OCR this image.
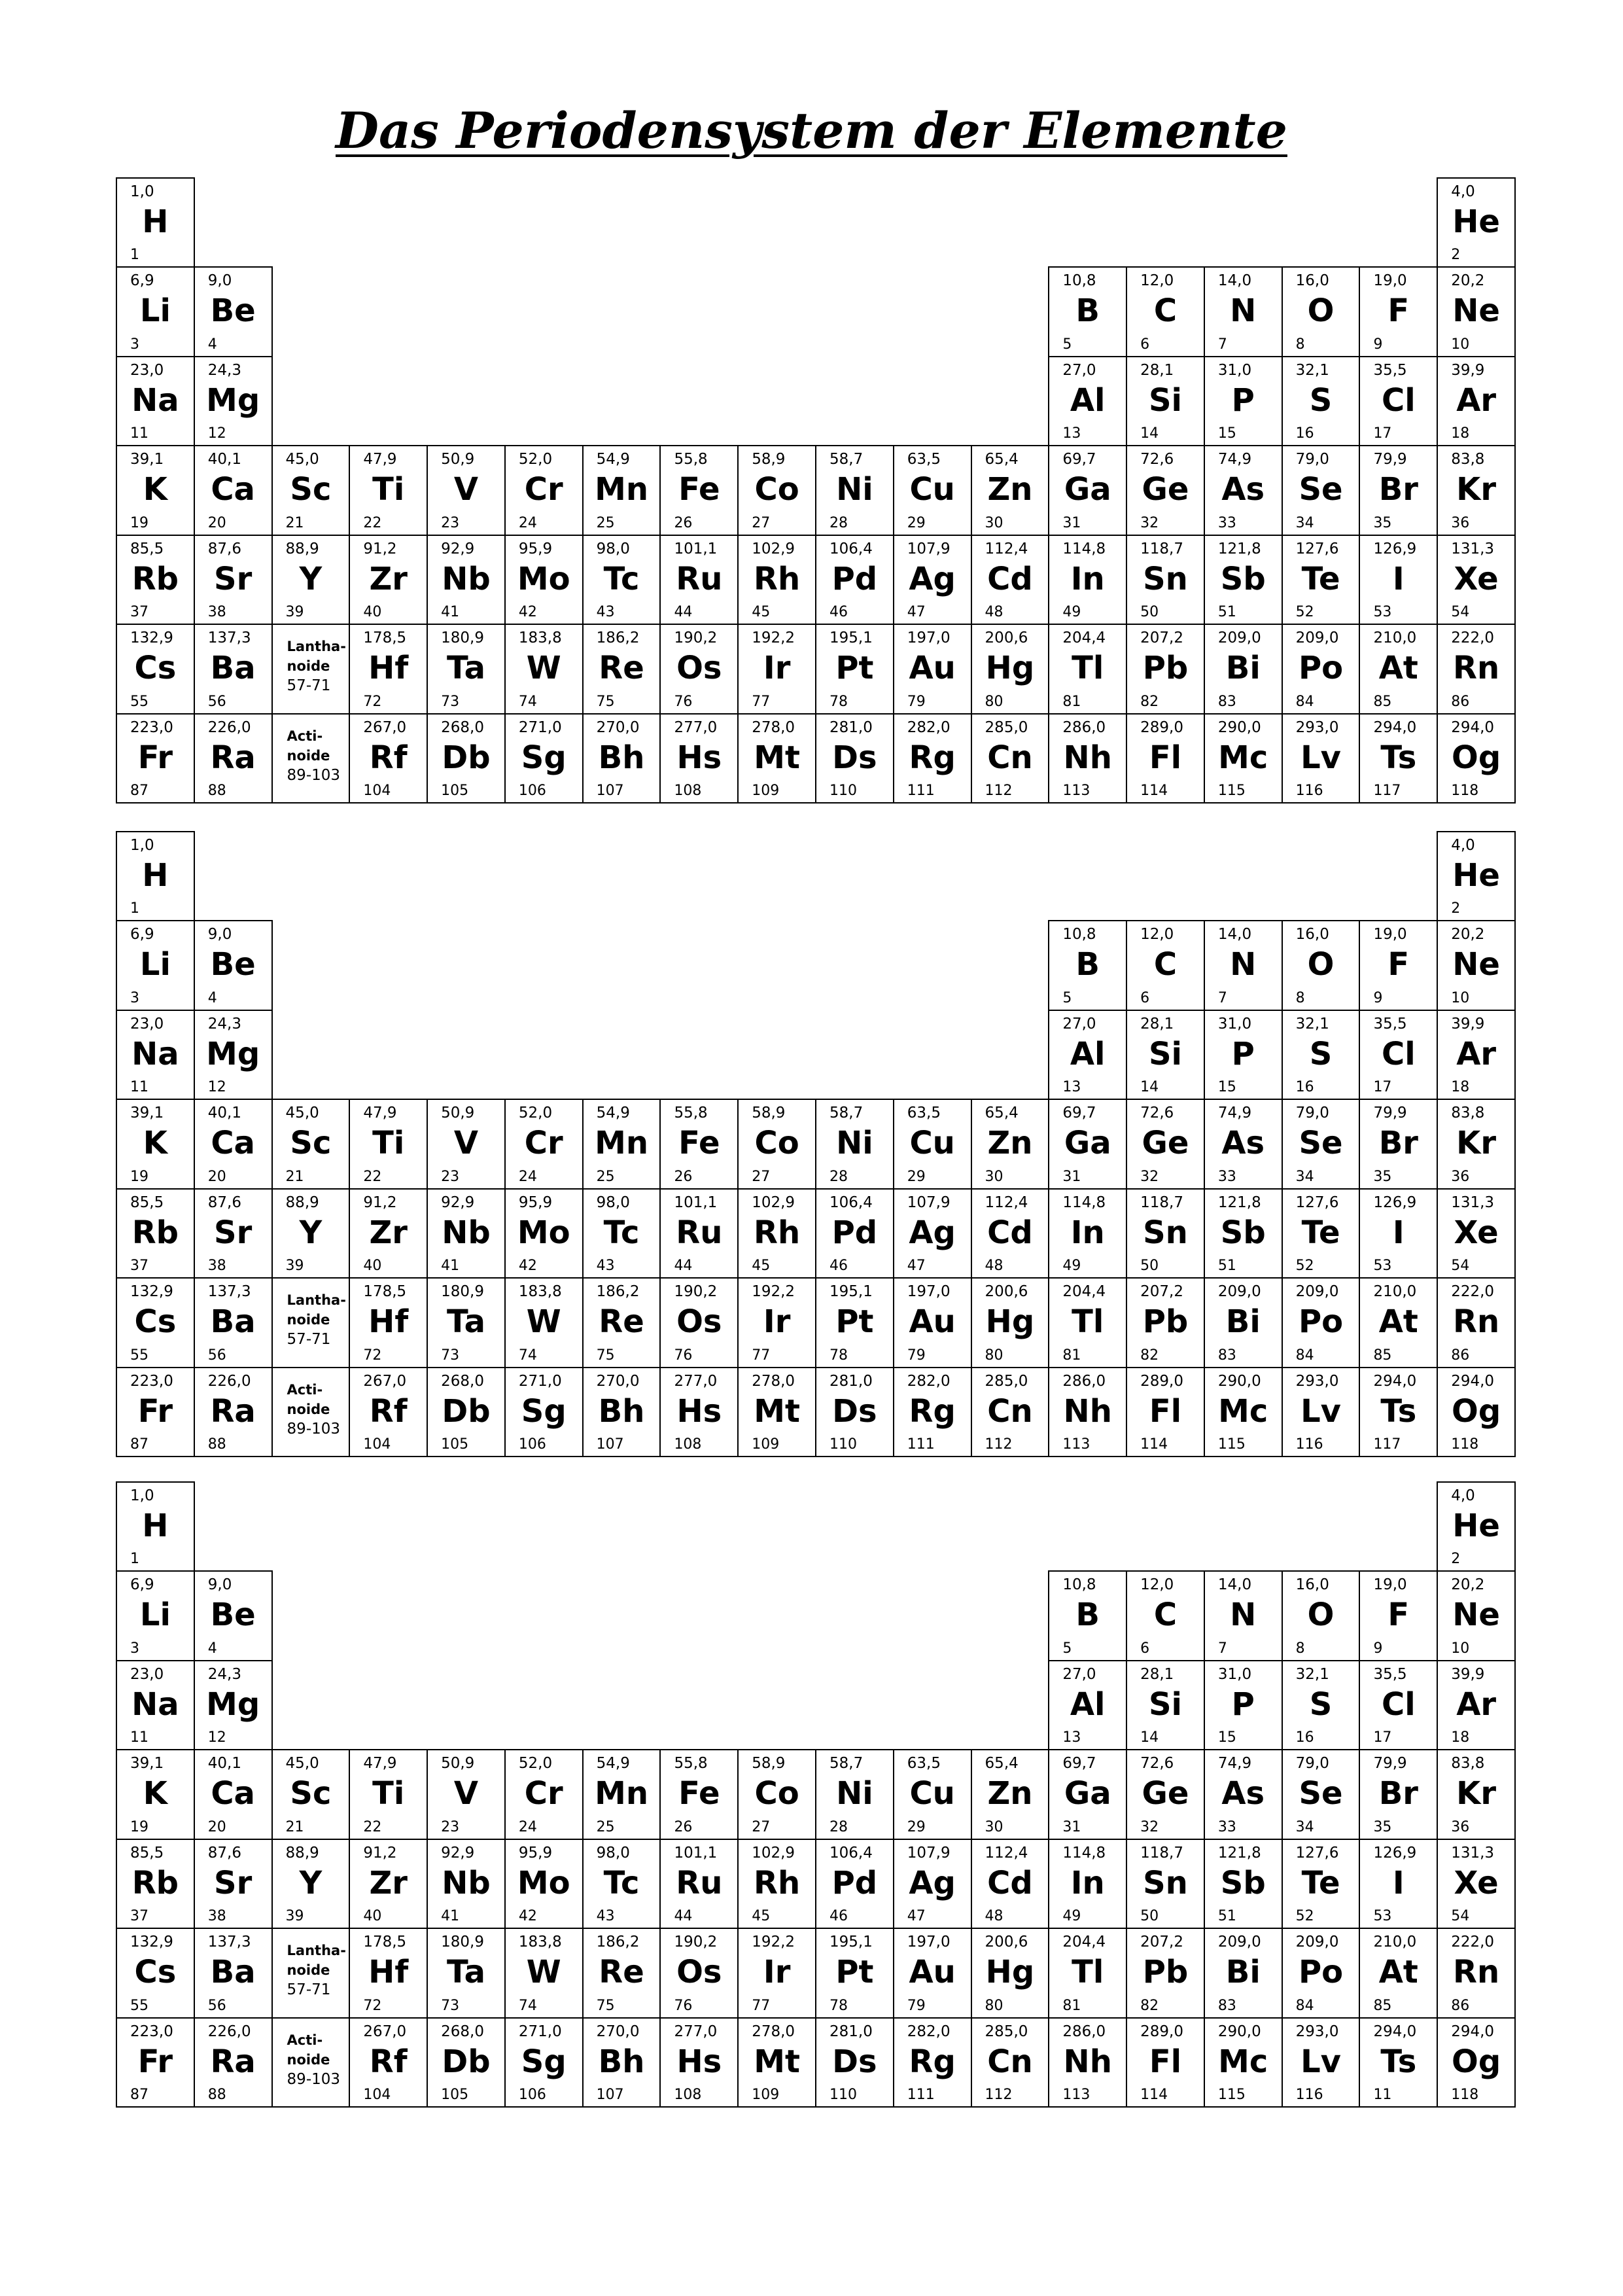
Das Periodensystem der Elemente
1,0
H
1
4,0
He
2
6,9
Li
3
9,0
Be
4
10,8
B
5
12,0
C
6
14,0
N
7
16,0
O
8
19,0
F
9
20,2
Ne
10
23,0
Na
11
24,3
Mg
12
27,0
Al
13
28,1
Si
14
31,0
P
15
32,1
S
16
35,5
Cl
17
39,9
Ar
18
39,1
K
19
40,1
Ca
20
45,0
Sc
21
47,9
Ti
22
50,9
V
23
52,0
Cr
24
54,9
Mn
25
55,8
Fe
26
58,9
Co
27
58,7
Ni
28
63,5
Cu
29
65,4
Zn
30
69,7
Ga
31
72,6
Ge
32
74,9
As
33
79,0
Se
34
79,9
Br
35
83,8
Kr
36
85,5
Rb
37
87,6
Sr
38
88,9
Y
39
91,2
Zr
40
92,9
Nb
41
95,9
Mo
42
98,0
Tc
43
101,1
Ru
44
102,9
Rh
45
106,4
Pd
46
107,9
Ag
47
112,4
Cd
48
114,8
In
49
118,7
Sn
50
121,8
Sb
51
127,6
Te
52
126,9
I
53
131,3
Xe
54
132,9
Cs
55
137,3
Ba
56
Lantha-
noide
57-71
178,5
Hf
72
180,9
Ta
73
183,8
W
74
186,2
Re
75
190,2
Os
76
192,2
Ir
77
195,1
Pt
78
197,0
Au
79
200,6
Hg
80
204,4
Tl
81
207,2
Pb
82
209,0
Bi
83
209,0
Po
84
210,0
At
85
222,0
Rn
86
223,0
Fr
87
226,0
Ra
88
Acti-
noide
89-103
267,0
Rf
104
268,0
Db
105
271,0
Sg
106
270,0
Bh
107
277,0
Hs
108
278,0
Mt
109
281,0
Ds
110
282,0
Rg
111
285,0
Cn
112
286,0
Nh
113
289,0
Fl
114
290,0
Mc
115
293,0
Lv
116
294,0
Ts
117
294,0
Og
118
1,0
H
1
4,0
He
2
6,9
Li
3
9,0
Be
4
10,8
B
5
12,0
C
6
14,0
N
7
16,0
O
8
19,0
F
9
20,2
Ne
10
23,0
Na
11
24,3
Mg
12
27,0
Al
13
28,1
Si
14
31,0
P
15
32,1
S
16
35,5
Cl
17
39,9
Ar
18
39,1
K
19
40,1
Ca
20
45,0
Sc
21
47,9
Ti
22
50,9
V
23
52,0
Cr
24
54,9
Mn
25
55,8
Fe
26
58,9
Co
27
58,7
Ni
28
63,5
Cu
29
65,4
Zn
30
69,7
Ga
31
72,6
Ge
32
74,9
As
33
79,0
Se
34
79,9
Br
35
83,8
Kr
36
85,5
Rb
37
87,6
Sr
38
88,9
Y
39
91,2
Zr
40
92,9
Nb
41
95,9
Mo
42
98,0
Tc
43
101,1
Ru
44
102,9
Rh
45
106,4
Pd
46
107,9
Ag
47
112,4
Cd
48
114,8
In
49
118,7
Sn
50
121,8
Sb
51
127,6
Te
52
126,9
I
53
131,3
Xe
54
132,9
Cs
55
137,3
Ba
56
Lantha-
noide
57-71
178,5
Hf
72
180,9
Ta
73
183,8
W
74
186,2
Re
75
190,2
Os
76
192,2
Ir
77
195,1
Pt
78
197,0
Au
79
200,6
Hg
80
204,4
Tl
81
207,2
Pb
82
209,0
Bi
83
209,0
Po
84
210,0
At
85
222,0
Rn
86
223,0
Fr
87
226,0
Ra
88
Acti-
noide
89-103
267,0
Rf
104
268,0
Db
105
271,0
Sg
106
270,0
Bh
107
277,0
Hs
108
278,0
Mt
109
281,0
Ds
110
282,0
Rg
111
285,0
Cn
112
286,0
Nh
113
289,0
Fl
114
290,0
Mc
115
293,0
Lv
116
294,0
Ts
117
294,0
Og
118
1,0
H
1
4,0
He
2
6,9
Li
3
9,0
Be
4
10,8
B
5
12,0
C
6
14,0
N
7
16,0
O
8
19,0
F
9
20,2
Ne
10
23,0
Na
11
24,3
Mg
12
27,0
Al
13
28,1
Si
14
31,0
P
15
32,1
S
16
35,5
Cl
17
39,9
Ar
18
39,1
K
19
40,1
Ca
20
45,0
Sc
21
47,9
Ti
22
50,9
V
23
52,0
Cr
24
54,9
Mn
25
55,8
Fe
26
58,9
Co
27
58,7
Ni
28
63,5
Cu
29
65,4
Zn
30
69,7
Ga
31
72,6
Ge
32
74,9
As
33
79,0
Se
34
79,9
Br
35
83,8
Kr
36
85,5
Rb
37
87,6
Sr
38
88,9
Y
39
91,2
Zr
40
92,9
Nb
41
95,9
Mo
42
98,0
Tc
43
101,1
Ru
44
102,9
Rh
45
106,4
Pd
46
107,9
Ag
47
112,4
Cd
48
114,8
In
49
118,7
Sn
50
121,8
Sb
51
127,6
Te
52
126,9
I
53
131,3
Xe
54
132,9
Cs
55
137,3
Ba
56
Lantha-
noide
57-71
178,5
Hf
72
180,9
Ta
73
183,8
W
74
186,2
Re
75
190,2
Os
76
192,2
Ir
77
195,1
Pt
78
197,0
Au
79
200,6
Hg
80
204,4
Tl
81
207,2
Pb
82
209,0
Bi
83
209,0
Po
84
210,0
At
85
222,0
Rn
86
223,0
Fr
87
226,0
Ra
88
Acti-
noide
89-103
267,0
Rf
104
268,0
Db
105
271,0
Sg
106
270,0
Bh
107
277,0
Hs
108
278,0
Mt
109
281,0
Ds
110
282,0
Rg
111
285,0
Cn
112
286,0
Nh
113
289,0
Fl
114
290,0
Mc
115
293,0
Lv
116
294,0
Ts
11
294,0
Og
118
